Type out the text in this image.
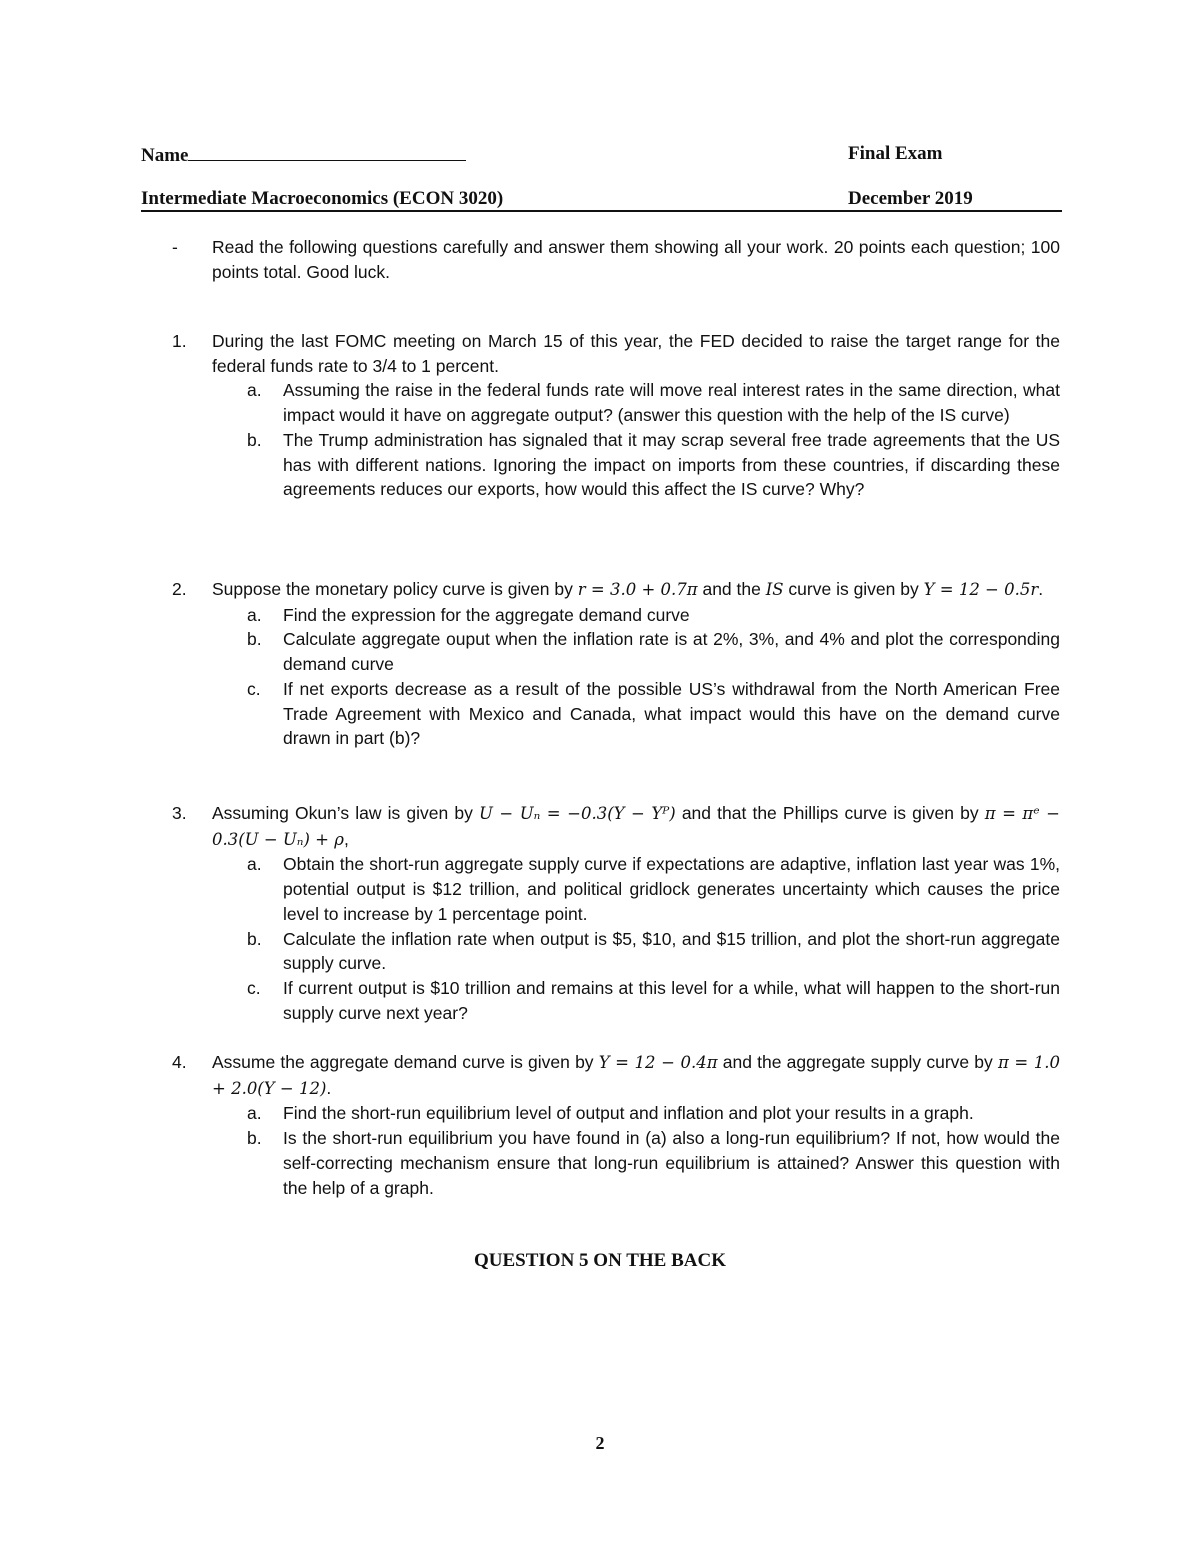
Name	Final Exam
Intermediate Macroeconomics (ECON 3020)	December 2019
-	Read the following questions carefully and answer them showing all your work. 20 points each question; 100 points total. Good luck.
1.	During the last FOMC meeting on March 15 of this year, the FED decided to raise the target range for the federal funds rate to 3/4 to 1 percent.
a.	Assuming the raise in the federal funds rate will move real interest rates in the same direction, what impact would it have on aggregate output? (answer this question with the help of the IS curve)
b.	The Trump administration has signaled that it may scrap several free trade agreements that the US has with different nations. Ignoring the impact on imports from these countries, if discarding these agreements reduces our exports, how would this affect the IS curve? Why?
2.	Suppose the monetary policy curve is given by r = 3.0 + 0.7π and the IS curve is given by Y = 12 − 0.5r.
a.	Find the expression for the aggregate demand curve
b.	Calculate aggregate ouput when the inflation rate is at 2%, 3%, and 4% and plot the corresponding demand curve
c.	If net exports decrease as a result of the possible US’s withdrawal from the North American Free Trade Agreement with Mexico and Canada, what impact would this have on the demand curve drawn in part (b)?
3.	Assuming Okun’s law is given by U − Uₙ = −0.3(Y − Yᴾ) and that the Phillips curve is given by π = πᵉ − 0.3(U − Uₙ) + ρ,
a.	Obtain the short-run aggregate supply curve if expectations are adaptive, inflation last year was 1%, potential output is $12 trillion, and political gridlock generates uncertainty which causes the price level to increase by 1 percentage point.
b.	Calculate the inflation rate when output is $5, $10, and $15 trillion, and plot the short-run aggregate supply curve.
c.	If current output is $10 trillion and remains at this level for a while, what will happen to the short-run supply curve next year?
4.	Assume the aggregate demand curve is given by Y = 12 − 0.4π and the aggregate supply curve by π = 1.0 + 2.0(Y − 12).
a.	Find the short-run equilibrium level of output and inflation and plot your results in a graph.
b.	Is the short-run equilibrium you have found in (a) also a long-run equilibrium? If not, how would the self-correcting mechanism ensure that long-run equilibrium is attained? Answer this question with the help of a graph.
QUESTION 5 ON THE BACK
2
